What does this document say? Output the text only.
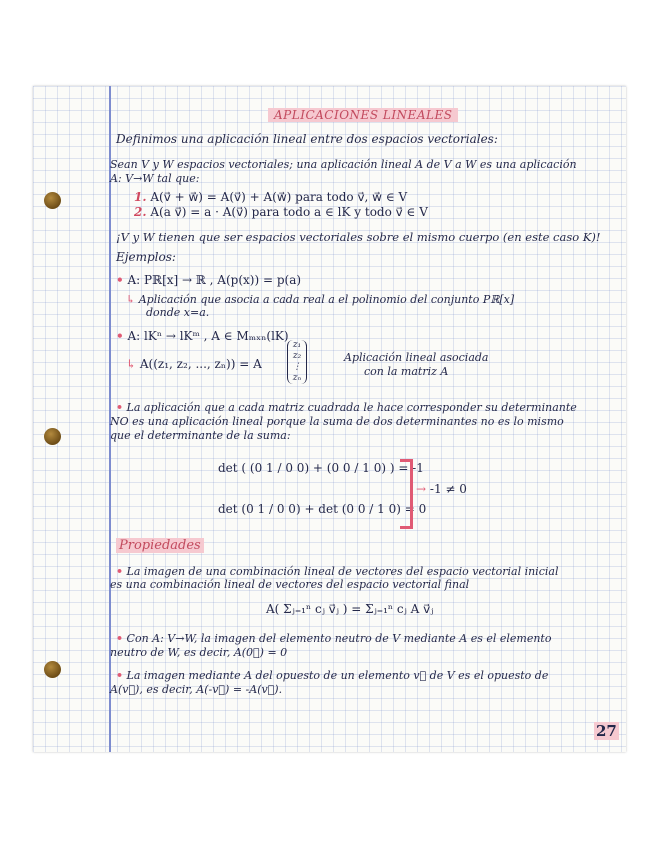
APLICACIONES LINEALES
Definimos una aplicación lineal entre dos espacios vectoriales:
Sean V y W espacios vectoriales; una aplicación lineal A de V a W es una aplicación
A: V→W tal que:
1. A(v⃗ + w⃗) = A(v⃗) + A(w⃗) para todo v⃗, w⃗ ∈ V
2. A(a v⃗) = a · A(v⃗) para todo a ∈ lK y todo v⃗ ∈ V
¡V y W tienen que ser espacios vectoriales sobre el mismo cuerpo (en este caso K)!
Ejemplos:
• A: Pℝ[x] → ℝ , A(p(x)) = p(a)
↳ Aplicación que asocia a cada real a el polinomio del conjunto Pℝ[x]
donde x=a.
• A: lKⁿ → lKᵐ , A ∈ Mₘₓₙ(lK)
↳ A((z₁, z₂, ..., zₙ)) = A
z₁
z₂
⋮
zₙ
Aplicación lineal asociada
con la matriz A
• La aplicación que a cada matriz cuadrada le hace corresponder su determinante
NO es una aplicación lineal porque la suma de dos determinantes no es lo mismo
que el determinante de la suma:
det ( (0 1 / 0 0) + (0 0 / 1 0) ) = -1
det (0 1 / 0 0) + det (0 0 / 1 0) = 0
→ -1 ≠ 0
Propiedades
• La imagen de una combinación lineal de vectores del espacio vectorial inicial
es una combinación lineal de vectores del espacio vectorial final
A( Σⱼ₌₁ⁿ cⱼ v⃗ⱼ ) = Σⱼ₌₁ⁿ cⱼ A v⃗ⱼ
• Con A: V→W, la imagen del elemento neutro de V mediante A es el elemento
neutro de W, es decir, A(0⃗) = 0
• La imagen mediante A del opuesto de un elemento v⃗ de V es el opuesto de
A(v⃗), es decir, A(-v⃗) = -A(v⃗).
27
